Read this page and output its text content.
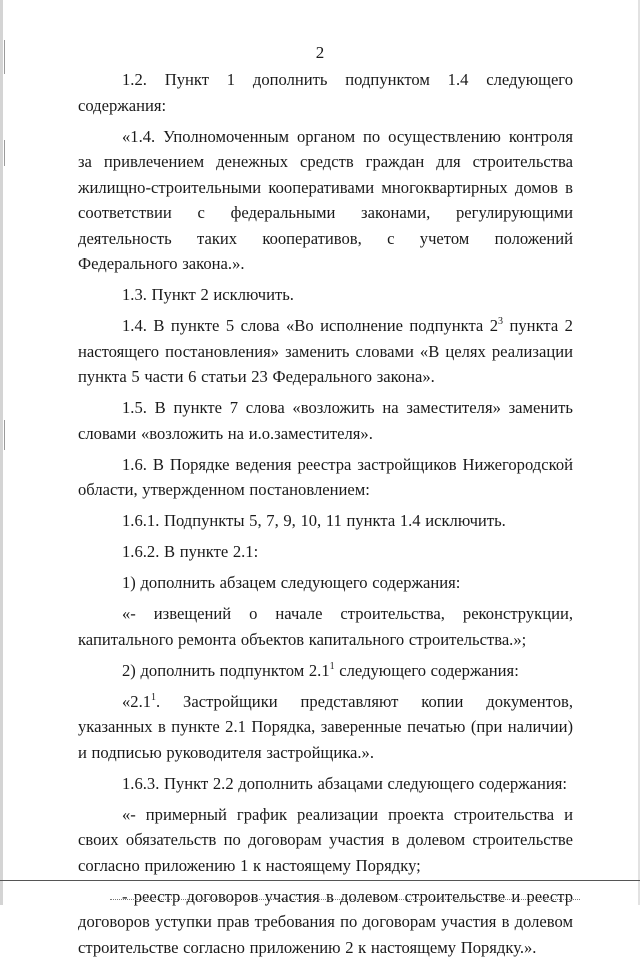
2

1.2. Пункт 1 дополнить подпунктом 1.4 следующего содержания:

«1.4. Уполномоченным органом по осуществлению контроля за привлечением денежных средств граждан для строительства жилищно-строительными кооперативами многоквартирных домов в соответствии с федеральными законами, регулирующими деятельность таких кооперативов, с учетом положений Федерального закона.».

1.3. Пункт 2 исключить.

1.4. В пункте 5 слова «Во исполнение подпункта $2^3$ пункта 2 настоящего постановления» заменить словами «В целях реализации пункта 5 части 6 статьи 23 Федерального закона».

1.5. В пункте 7 слова «возложить на заместителя» заменить словами «возложить на и.о.заместителя».

1.6. В Порядке ведения реестра застройщиков Нижегородской области, утвержденном постановлением:

1.6.1. Подпункты 5, 7, 9, 10, 11 пункта 1.4 исключить.

1.6.2. В пункте 2.1:

1) дополнить абзацем следующего содержания:

«- извещений о начале строительства, реконструкции, капитального ремонта объектов капитального строительства.»;

2) дополнить подпунктом $2.1^1$ следующего содержания:

«$2.1^1$. Застройщики представляют копии документов, указанных в пункте 2.1 Порядка, заверенные печатью (при наличии) и подписью руководителя застройщика.».

1.6.3. Пункт 2.2 дополнить абзацами следующего содержания:

«- примерный график реализации проекта строительства и своих обязательств по договорам участия в долевом строительстве согласно приложению 1 к настоящему Порядку;

- реестр договоров участия в долевом строительстве и реестр договоров уступки прав требования по договорам участия в долевом строительстве согласно приложению 2 к настоящему Порядку.».
